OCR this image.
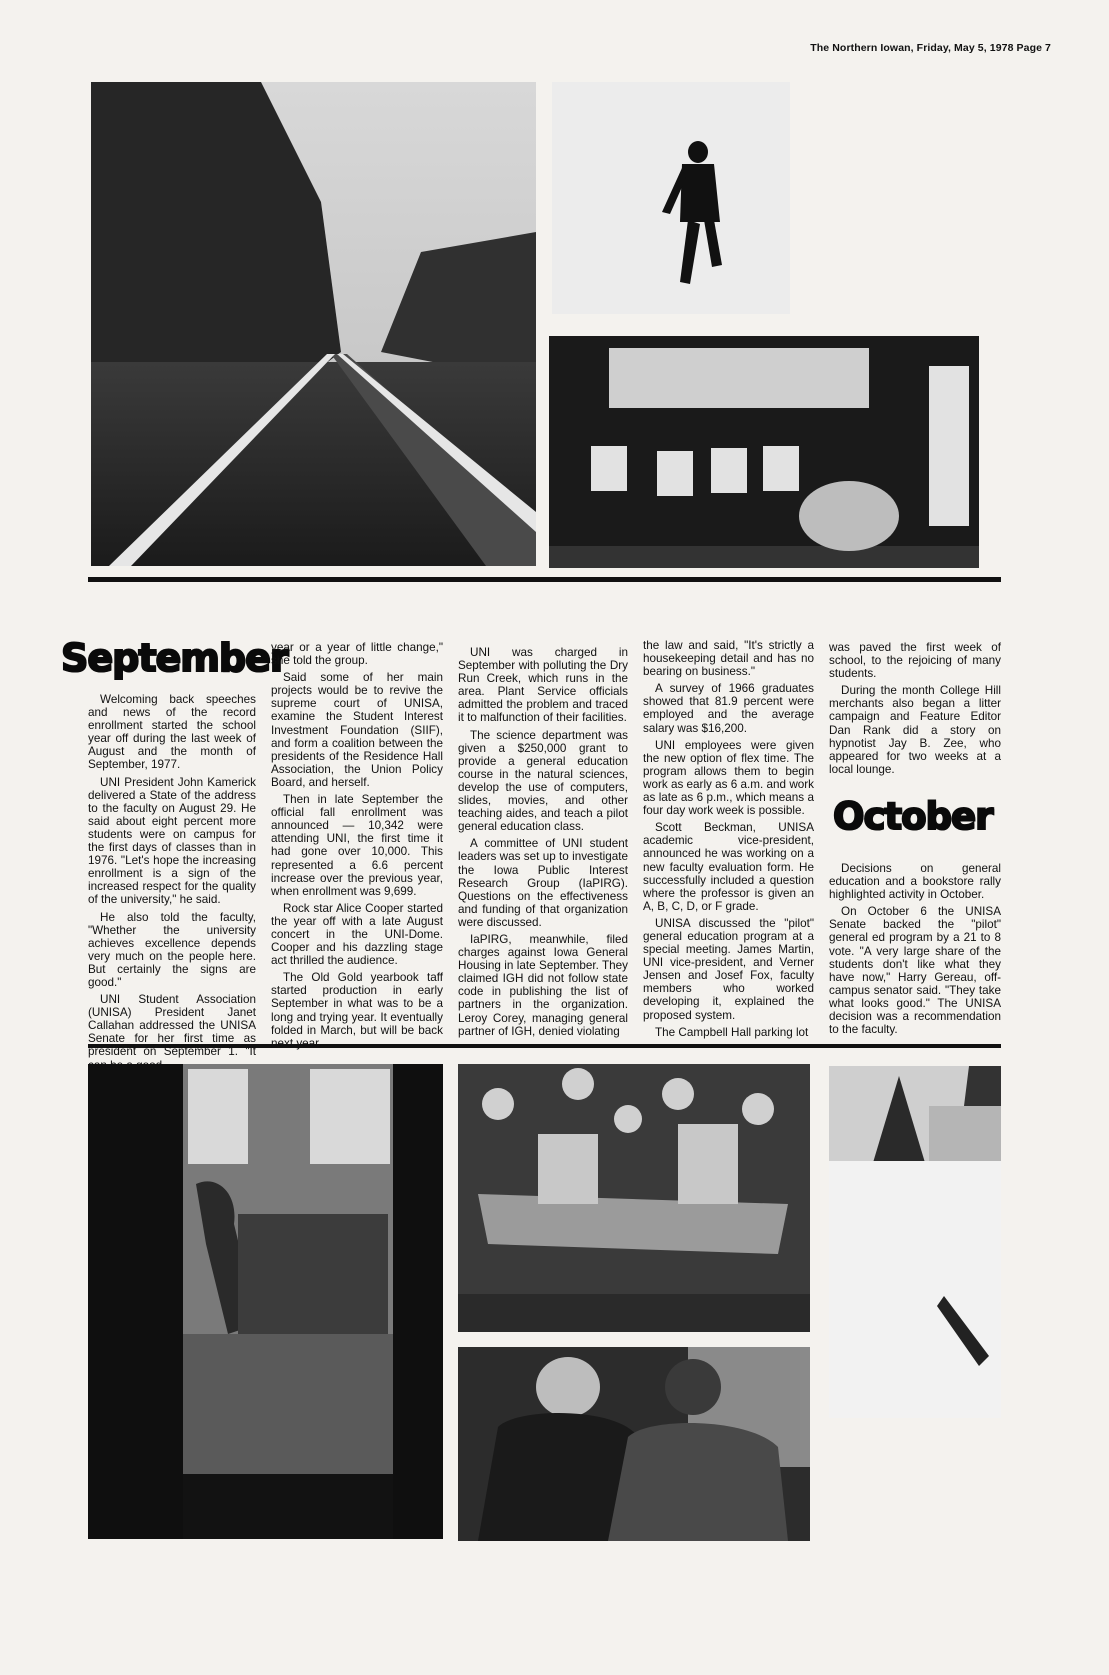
The Northern Iowan, Friday, May 5, 1978 Page 7
September
October

Welcoming back speeches and news of the record enrollment started the school year off during the last week of August and the month of September, 1977.

UNI President John Kamerick delivered a State of the address to the faculty on August 29. He said about eight percent more students were on campus for the first days of classes than in 1976. "Let's hope the increasing enrollment is a sign of the increased respect for the quality of the university," he said.

He also told the faculty, "Whether the university achieves excellence depends very much on the people here. But certainly the signs are good."

UNI Student Association (UNISA) President Janet Callahan addressed the UNISA Senate for her first time as president on September 1. "It

year or a year of little change," she told the group.

Said some of her main projects would be to revive the supreme court of UNISA, examine the Student Interest Investment Foundation (SIIF), and form a coalition between the presidents of the Residence Hall Association, the Union Policy Board, and herself.

Then in late September the official fall enrollment was announced — 10,342 were attending UNI, the first time it had gone over 10,000. This represented a 6.6 percent increase over the previous year, when enrollment was 9,699.

Rock star Alice Cooper started the year off with a late August concert in the UNI-Dome. Cooper and his dazzling stage act thrilled the audience.

The Old Gold yearbook taff started production in early September in what was to be a long and trying year. It eventually folded in March, but will be back next year.

UNI was charged in September with polluting the Dry Run Creek, which runs in the area. Plant Service officials admitted the problem and traced it to malfunction of their facilities.

The science department was given a $250,000 grant to provide a general education course in the natural sciences, develop the use of computers, slides, movies, and other teaching aides, and teach a pilot general education class.

A committee of UNI student leaders was set up to investigate the Iowa Public Interest Research Group (IaPIRG). Questions on the effectiveness and funding of that organization were discussed.

IaPIRG, meanwhile, filed charges against Iowa General Housing in late September. They claimed IGH did not follow state code in publishing the list of partners in the organization. Leroy Corey, managing general partner of IGH, denied violating

the law and said, "It's strictly a housekeeping detail and has no bearing on business."

A survey of 1966 graduates showed that 81.9 percent were employed and the average salary was $16,200.

UNI employees were given the new option of flex time. The program allows them to begin work as early as 6 a.m. and work as late as 6 p.m., which means a four day work week is possible.

Scott Beckman, UNISA academic vice-president, announced he was working on a new faculty evaluation form. He successfully included a question where the professor is given an A, B, C, D, or F grade.

UNISA discussed the "pilot" general education program at a special meeting. James Martin, UNI vice-president, and Verner Jensen and Josef Fox, faculty members who worked developing it, explained the proposed system.

The Campbell Hall parking lot

was paved the first week of school, to the rejoicing of many students.

During the month College Hill merchants also began a litter campaign and Feature Editor Dan Rank did a story on hypnotist Jay B. Zee, who appeared for two weeks at a local lounge.

Decisions on general education and a bookstore rally highlighted activity in October.

On October 6 the UNISA Senate backed the "pilot" general ed program by a 21 to 8 vote. "A very large share of the students don't like what they have now," Harry Gereau, off-campus senator said. "They take what looks good." The UNISA decision was a recommendation to the faculty.
